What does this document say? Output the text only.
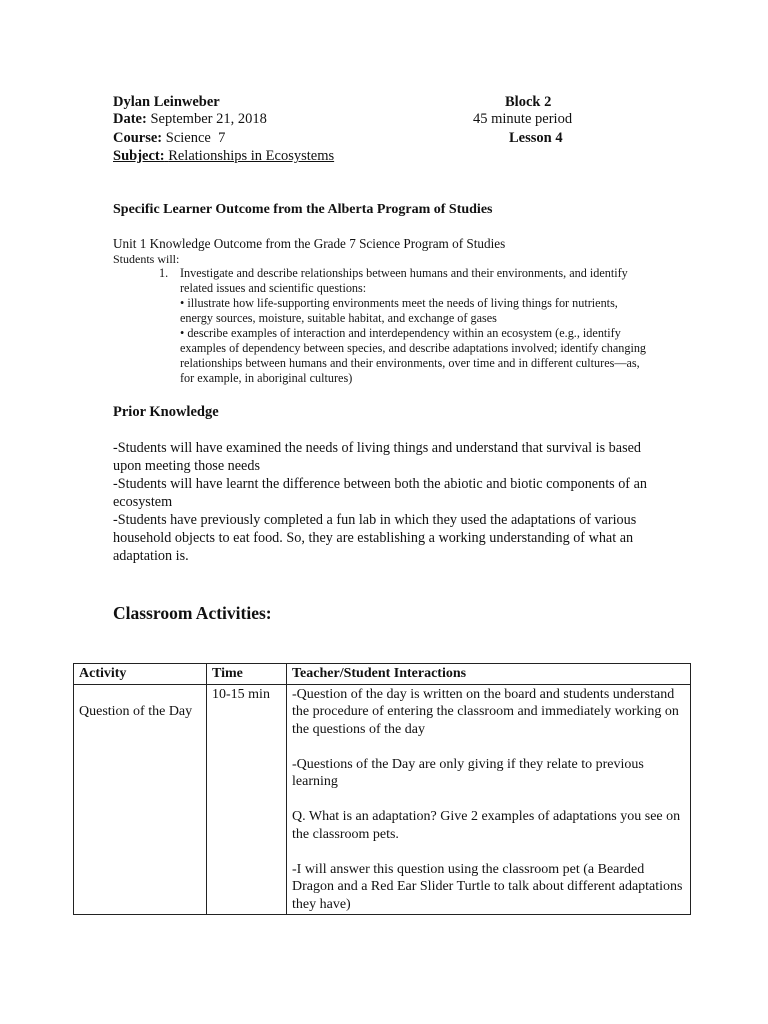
Dylan Leinweber	Block 2
Date: September 21, 2018	45 minute period
Course: Science  7	Lesson 4
Subject: Relationships in Ecosystems
Specific Learner Outcome from the Alberta Program of Studies
Unit 1 Knowledge Outcome from the Grade 7 Science Program of Studies
Students will:
1. Investigate and describe relationships between humans and their environments, and identify related issues and scientific questions:
• illustrate how life-supporting environments meet the needs of living things for nutrients, energy sources, moisture, suitable habitat, and exchange of gases
• describe examples of interaction and interdependency within an ecosystem (e.g., identify examples of dependency between species, and describe adaptations involved; identify changing relationships between humans and their environments, over time and in different cultures—as, for example, in aboriginal cultures)
Prior Knowledge
-Students will have examined the needs of living things and understand that survival is based upon meeting those needs
-Students will have learnt the difference between both the abiotic and biotic components of an ecosystem
-Students have previously completed a fun lab in which they used the adaptations of various household objects to eat food. So, they are establishing a working understanding of what an adaptation is.
Classroom Activities:
Activity	Time	Teacher/Student Interactions

Question of the Day	10-15 min	-Question of the day is written on the board and students understand the procedure of entering the classroom and immediately working on the questions of the day

-Questions of the Day are only giving if they relate to previous learning

Q. What is an adaptation? Give 2 examples of adaptations you see on the classroom pets.

-I will answer this question using the classroom pet (a Bearded Dragon and a Red Ear Slider Turtle to talk about different adaptations they have)
